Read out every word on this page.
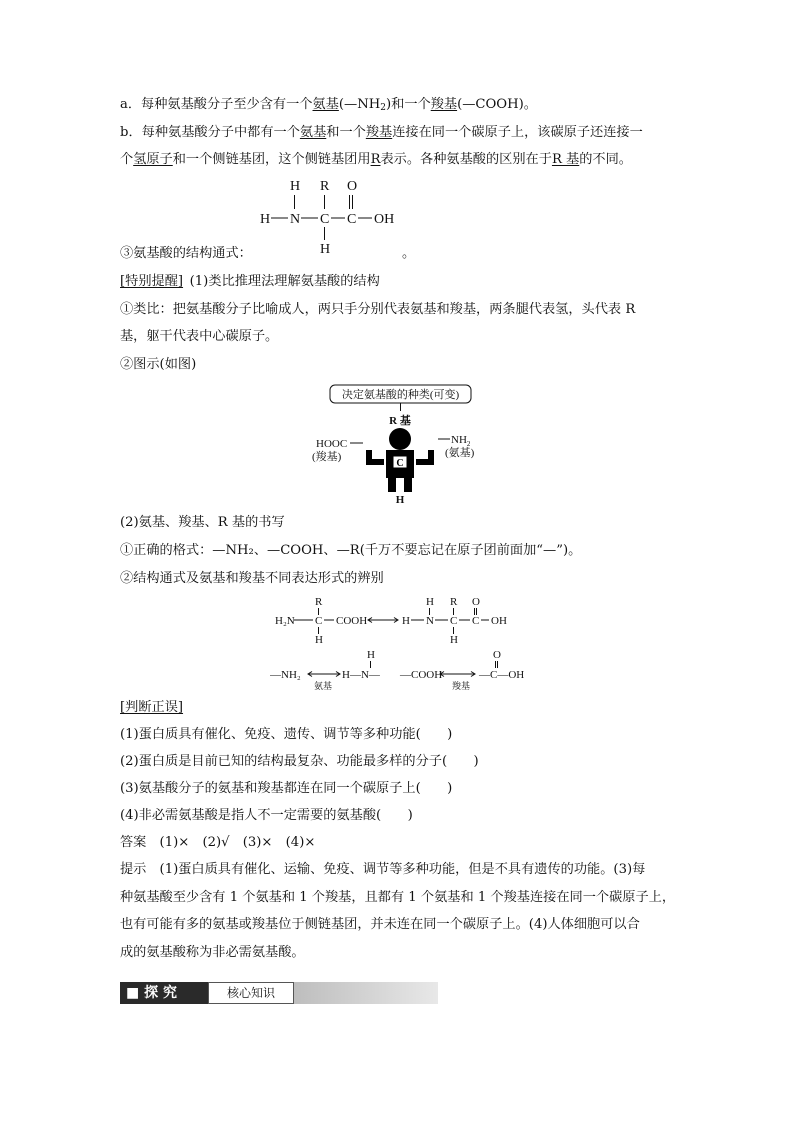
a．每种氨基酸分子至少含有一个氨基$(—NH_2)$和一个羧基(—COOH)。
b．每种氨基酸分子中都有一个氨基和一个羧基连接在同一个碳原子上，该碳原子还连接一
个氢原子和一个侧链基团，这个侧链基团用R表示。各种氨基酸的区别在于R 基的不同。
H R O
H N C C OH
H
③氨基酸的结构通式：	。
[特别提醒]  (1)类比推理法理解氨基酸的结构
①类比：把氨基酸分子比喻成人，两只手分别代表氨基和羧基，两条腿代表氢，头代表 R
基，躯干代表中心碳原子。
②图示(如图)
决定氨基酸的种类(可变)
R 基
C
H
HOOC
(羧基)
$NH_2$
(氨基)
(2)氨基、羧基、R 基的书写
①正确的格式：—NH₂、—COOH、—R(千万不要忘记在原子团前面加“—”)。
②结构通式及氨基和羧基不同表达形式的辨别
R
H₂N C COOH
H
H R O
H N C C OH
H
—NH₂
H
H—N—
氨基
—COOH
O
—C—OH
羧基
[判断正误]
(1)蛋白质具有催化、免疫、遗传、调节等多种功能(　　)
(2)蛋白质是目前已知的结构最复杂、功能最多样的分子(　　)
(3)氨基酸分子的氨基和羧基都连在同一个碳原子上(　　)
(4)非必需氨基酸是指人不一定需要的氨基酸(　　)
答案　(1)×　(2)√　(3)×　(4)×
提示　(1)蛋白质具有催化、运输、免疫、调节等多种功能，但是不具有遗传的功能。(3)每
种氨基酸至少含有 1 个氨基和 1 个羧基，且都有 1 个氨基和 1 个羧基连接在同一个碳原子上，
也有可能有多的氨基或羧基位于侧链基团，并未连在同一个碳原子上。(4)人体细胞可以合
成的氨基酸称为非必需氨基酸。
■ 探 究	核心知识
